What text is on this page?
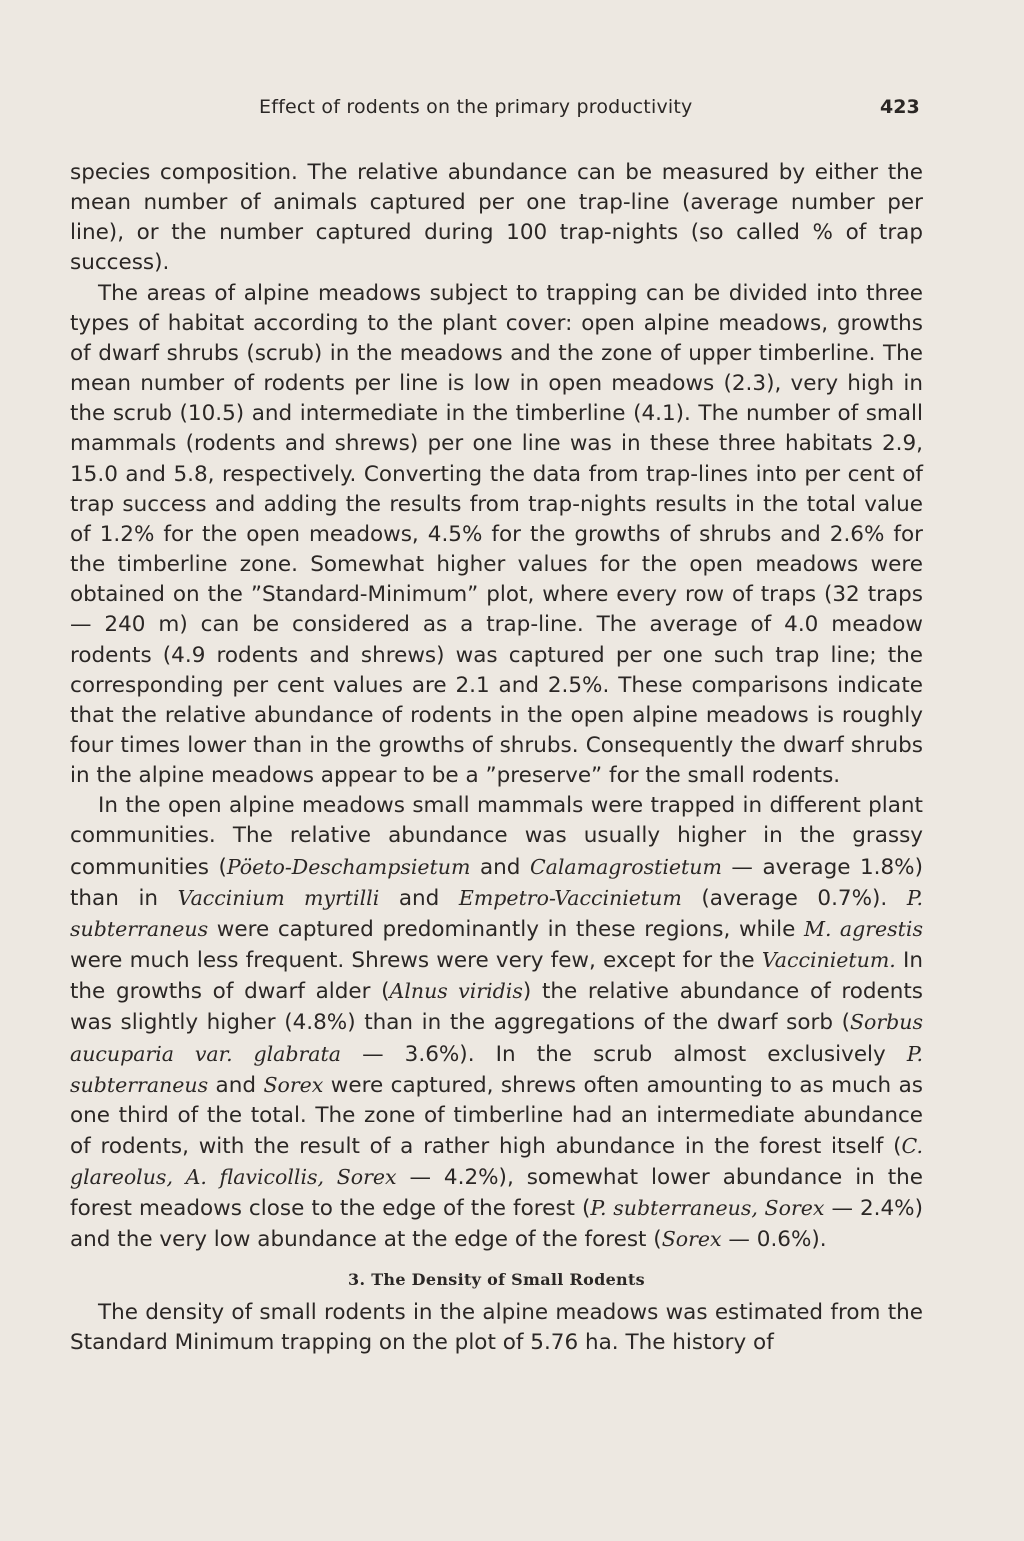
Effect of rodents on the primary productivity	423

species composition. The relative abundance can be measured by either the mean number of animals captured per one trap-line (average number per line), or the number captured during 100 trap-nights (so called % of trap success).

The areas of alpine meadows subject to trapping can be divided into three types of habitat according to the plant cover: open alpine meadows, growths of dwarf shrubs (scrub) in the meadows and the zone of upper timberline. The mean number of rodents per line is low in open meadows (2.3), very high in the scrub (10.5) and intermediate in the timberline (4.1). The number of small mammals (rodents and shrews) per one line was in these three habitats 2.9, 15.0 and 5.8, respectively. Converting the data from trap-lines into per cent of trap success and adding the results from trap-nights results in the total value of 1.2% for the open meadows, 4.5% for the growths of shrubs and 2.6% for the timberline zone. Somewhat higher values for the open meadows were obtained on the ”Standard-Minimum” plot, where every row of traps (32 traps — 240 m) can be considered as a trap-line. The average of 4.0 meadow rodents (4.9 rodents and shrews) was captured per one such trap line; the corresponding per cent values are 2.1 and 2.5%. These comparisons indicate that the relative abundance of rodents in the open alpine meadows is roughly four times lower than in the growths of shrubs. Consequently the dwarf shrubs in the alpine meadows appear to be a ”preserve” for the small rodents.

In the open alpine meadows small mammals were trapped in different plant communities. The relative abundance was usually higher in the grassy communities (Pöeto-Deschampsietum and Calamagrostietum — average 1.8%) than in Vaccinium myrtilli and Empetro-Vaccinietum (average 0.7%). P. subterraneus were captured predominantly in these regions, while M. agrestis were much less frequent. Shrews were very few, except for the Vaccinietum. In the growths of dwarf alder (Alnus viridis) the relative abundance of rodents was slightly higher (4.8%) than in the aggregations of the dwarf sorb (Sorbus aucuparia var. glabrata — 3.6%). In the scrub almost exclusively P. subterraneus and Sorex were captured, shrews often amounting to as much as one third of the total. The zone of timberline had an intermediate abundance of rodents, with the result of a rather high abundance in the forest itself (C. glareolus, A. flavicollis, Sorex — 4.2%), somewhat lower abundance in the forest meadows close to the edge of the forest (P. subterraneus, Sorex — 2.4%) and the very low abundance at the edge of the forest (Sorex — 0.6%).

3. The Density of Small Rodents

The density of small rodents in the alpine meadows was estimated from the Standard Minimum trapping on the plot of 5.76 ha. The history of
